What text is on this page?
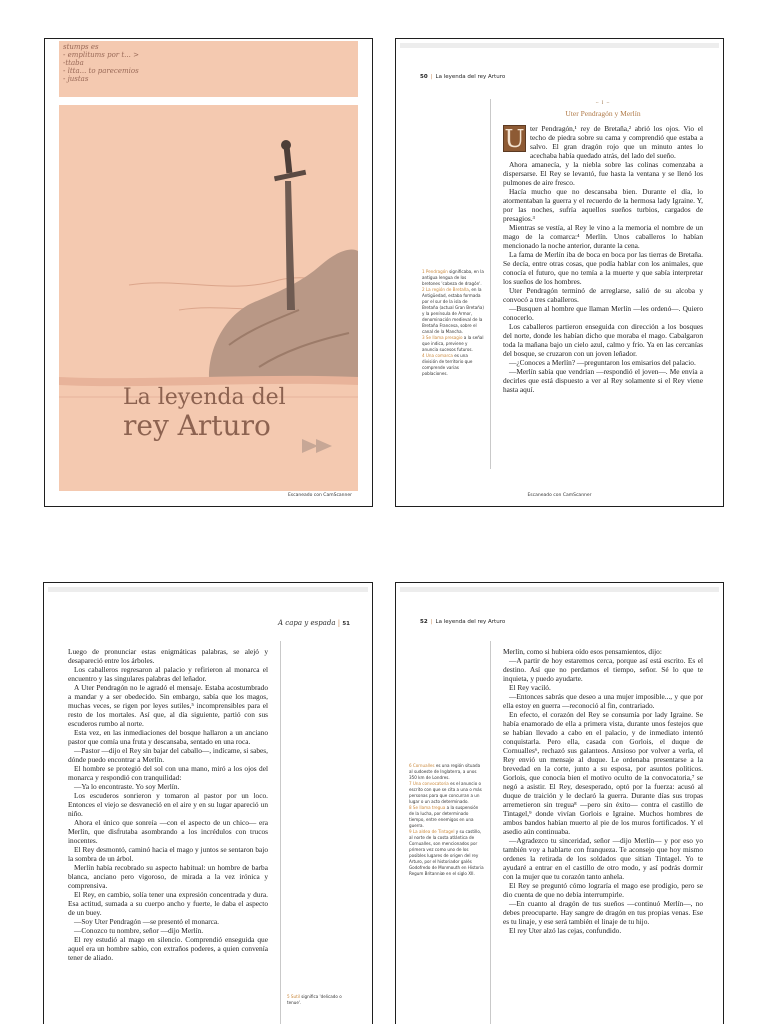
stumps es
- emplitums por t... >
-ttaba
- ltta... to parecemios
- justas
La leyenda del
rey Arturo
Escaneado con CamScanner
50 | La leyenda del rey Arturo
1 Pendragón significaba, en la antigua lengua de los bretones 'cabeza de dragón'.
2 La región de Bretaña, en la Antigüedad, estaba formada por el sur de la isla de Bretaña (actual Gran Bretaña) y la península de Armor, denominación medieval de la Bretaña Francesa, sobre el canal de la Mancha.
3 Se llama presagio a la señal que indica, previene y anuncia sucesos futuros.
4 Una comarca es una división de territorio que comprende varias poblaciones.
~ I ~
Uter Pendragón y Merlín

U ter Pendragón,¹ rey de Bretaña,² abrió los ojos. Vio el techo de piedra sobre su cama y comprendió que estaba a salvo. El gran dragón rojo que un minuto antes lo acechaba había quedado atrás, del lado del sueño.

Ahora amanecía, y la niebla sobre las colinas comenzaba a dispersarse. El Rey se levantó, fue hasta la ventana y se llenó los pulmones de aire fresco.

Hacía mucho que no descansaba bien. Durante el día, lo atormentaban la guerra y el recuerdo de la hermosa lady Igraine. Y, por las noches, sufría aquellos sueños turbios, cargados de presagios.³

Mientras se vestía, al Rey le vino a la memoria el nombre de un mago de la comarca:⁴ Merlín. Unos caballeros lo habían mencionado la noche anterior, durante la cena.

La fama de Merlín iba de boca en boca por las tierras de Bretaña. Se decía, entre otras cosas, que podía hablar con los animales, que conocía el futuro, que no temía a la muerte y que sabía interpretar los sueños de los hombres.

Uter Pendragón terminó de arreglarse, salió de su alcoba y convocó a tres caballeros.

—Busquen al hombre que llaman Merlín —les ordenó—. Quiero conocerlo.

Los caballeros partieron enseguida con dirección a los bosques del norte, donde les habían dicho que moraba el mago. Cabalgaron toda la mañana bajo un cielo azul, calmo y frío. Ya en las cercanías del bosque, se cruzaron con un joven leñador.

—¿Conoces a Merlín? —preguntaron los emisarios del palacio.

—Merlín sabía que vendrían —respondió el joven—. Me envía a decirles que está dispuesto a ver al Rey solamente si el Rey viene hasta aquí.

Escaneado con CamScanner
A capa y espada | 51

Luego de pronunciar estas enigmáticas palabras, se alejó y desapareció entre los árboles.

Los caballeros regresaron al palacio y refirieron al monarca el encuentro y las singulares palabras del leñador.

A Uter Pendragón no le agradó el mensaje. Estaba acostumbrado a mandar y a ser obedecido. Sin embargo, sabía que los magos, muchas veces, se rigen por leyes sutiles,⁵ incomprensibles para el resto de los mortales. Así que, al día siguiente, partió con sus escuderos rumbo al norte.

Esta vez, en las inmediaciones del bosque hallaron a un anciano pastor que comía una fruta y descansaba, sentado en una roca.

—Pastor —dijo el Rey sin bajar del caballo—, indícame, si sabes, dónde puedo encontrar a Merlín.

El hombre se protegió del sol con una mano, miró a los ojos del monarca y respondió con tranquilidad:

—Ya lo encontraste. Yo soy Merlín.

Los escuderos sonrieron y tomaron al pastor por un loco. Entonces el viejo se desvaneció en el aire y en su lugar apareció un niño.

Ahora el único que sonreía —con el aspecto de un chico— era Merlín, que disfrutaba asombrando a los incrédulos con trucos inocentes.

El Rey desmontó, caminó hacia el mago y juntos se sentaron bajo la sombra de un árbol.

Merlín había recobrado su aspecto habitual: un hombre de barba blanca, anciano pero vigoroso, de mirada a la vez irónica y comprensiva.

El Rey, en cambio, solía tener una expresión concentrada y dura. Esa actitud, sumada a su cuerpo ancho y fuerte, le daba el aspecto de un buey.

—Soy Uter Pendragón —se presentó el monarca.

—Conozco tu nombre, señor —dijo Merlín.

El rey estudió al mago en silencio. Comprendió enseguida que aquel era un hombre sabio, con extraños poderes, a quien convenía tener de aliado.

5 Sutil significa 'delicado o tenue'.
52 | La leyenda del rey Arturo
6 Cornualles es una región situada al sudoeste de Inglaterra, a unos 350 km de Londres.
7 Una convocatoria es el anuncio o escrito con que se cita a una o más personas para que concurran a un lugar o un acto determinado.
8 Se llama tregua a la suspensión de la lucha, por determinado tiempo, entre enemigos en una guerra.
9 La aldea de Tintagel y su castillo, al norte de la costa atlántica de Cornualles, son mencionados por primera vez como uno de los posibles lugares de origen del rey Arturo, por el historiador galés Godofredo de Monmouth en Historia Regum Britanniæ en el siglo XII.

Merlín, como si hubiera oído esos pensamientos, dijo:

—A partir de hoy estaremos cerca, porque así está escrito. Es el destino. Así que no perdamos el tiempo, señor. Sé lo que te inquieta, y puedo ayudarte.

El Rey vaciló.

—Entonces sabrás que deseo a una mujer imposible..., y que por ella estoy en guerra —reconoció al fin, contrariado.

En efecto, el corazón del Rey se consumía por lady Igraine. Se había enamorado de ella a primera vista, durante unos festejos que se habían llevado a cabo en el palacio, y de inmediato intentó conquistarla. Pero ella, casada con Gorlois, el duque de Cornualles⁶, rechazó sus galanteos. Ansioso por volver a verla, el Rey envió un mensaje al duque. Le ordenaba presentarse a la brevedad en la corte, junto a su esposa, por asuntos políticos. Gorlois, que conocía bien el motivo oculto de la convocatoria,⁷ se negó a asistir. El Rey, desesperado, optó por la fuerza: acusó al duque de traición y le declaró la guerra. Durante días sus tropas arremetieron sin tregua⁸ —pero sin éxito— contra el castillo de Tintagel,⁹ donde vivían Gorlois e Igraine. Muchos hombres de ambos bandos habían muerto al pie de los muros fortificados. Y el asedio aún continuaba.

—Agradezco tu sinceridad, señor —dijo Merlín— y por eso yo también voy a hablarte con franqueza. Te aconsejo que hoy mismo ordenes la retirada de los soldados que sitian Tintagel. Yo te ayudaré a entrar en el castillo de otro modo, y así podrás dormir con la mujer que tu corazón tanto anhela.

El Rey se preguntó cómo lograría el mago ese prodigio, pero se dio cuenta de que no debía interrumpirle.

—En cuanto al dragón de tus sueños —continuó Merlín—, no debes preocuparte. Hay sangre de dragón en tus propias venas. Ese es tu linaje, y ese será también el linaje de tu hijo.

El rey Uter alzó las cejas, confundido.
